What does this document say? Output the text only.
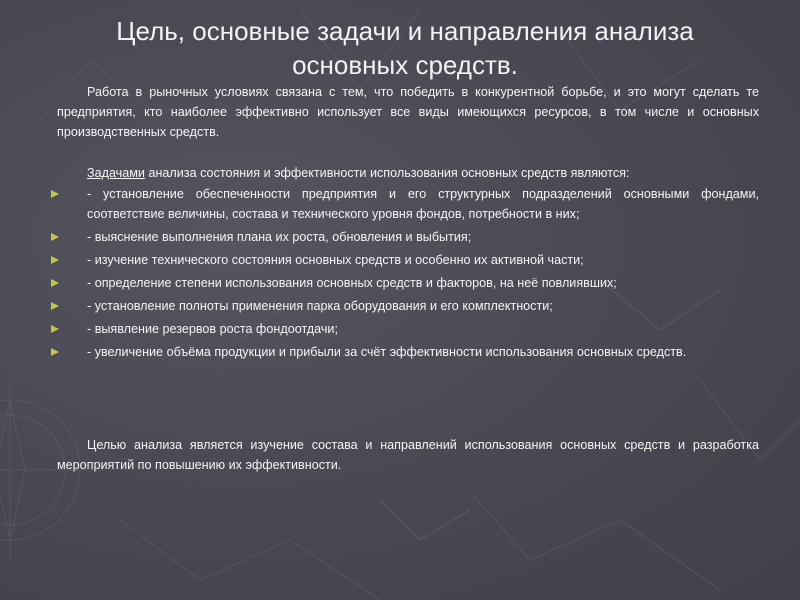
Цель, основные задачи и направления анализа
основных средств.
Работа в рыночных условиях связана с тем, что победить в конкурентной борьбе, и это могут сделать те предприятия, кто наиболее эффективно использует все виды имеющихся ресурсов, в том числе и основных производственных средств.
Задачами анализа состояния и эффективности использования основных средств являются:
- установление обеспеченности предприятия и его структурных подразделений основными фондами, соответствие величины, состава и технического уровня фондов, потребности в них;
- выяснение выполнения плана их роста, обновления и выбытия;
- изучение технического состояния основных средств и особенно их активной части;
- определение степени использования основных средств и факторов, на неё повлиявших;
- установление полноты применения парка оборудования и его комплектности;
- выявление резервов роста фондоотдачи;
- увеличение объёма продукции и прибыли за счёт эффективности использования основных средств.
Целью анализа является изучение состава и направлений использования основных средств и разработка мероприятий по повышению их эффективности.
